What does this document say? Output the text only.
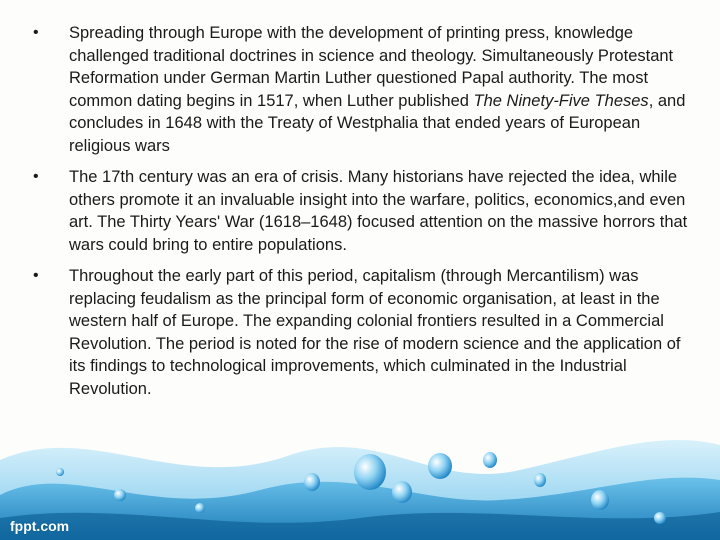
• Spreading through Europe with the development of printing press, knowledge challenged traditional doctrines in science and theology. Simultaneously Protestant Reformation under German Martin Luther questioned Papal authority. The most common dating begins in 1517, when Luther published The Ninety-Five Theses, and concludes in 1648 with the Treaty of Westphalia that ended years of European religious wars
• The 17th century was an era of crisis. Many historians have rejected the idea, while others promote it an invaluable insight into the warfare, politics, economics,and even art. The Thirty Years' War (1618–1648) focused attention on the massive horrors that wars could bring to entire populations.
• Throughout the early part of this period, capitalism (through Mercantilism) was replacing feudalism as the principal form of economic organisation, at least in the western half of Europe. The expanding colonial frontiers resulted in a Commercial Revolution. The period is noted for the rise of modern science and the application of its findings to technological improvements, which culminated in the Industrial Revolution.
fppt.com
